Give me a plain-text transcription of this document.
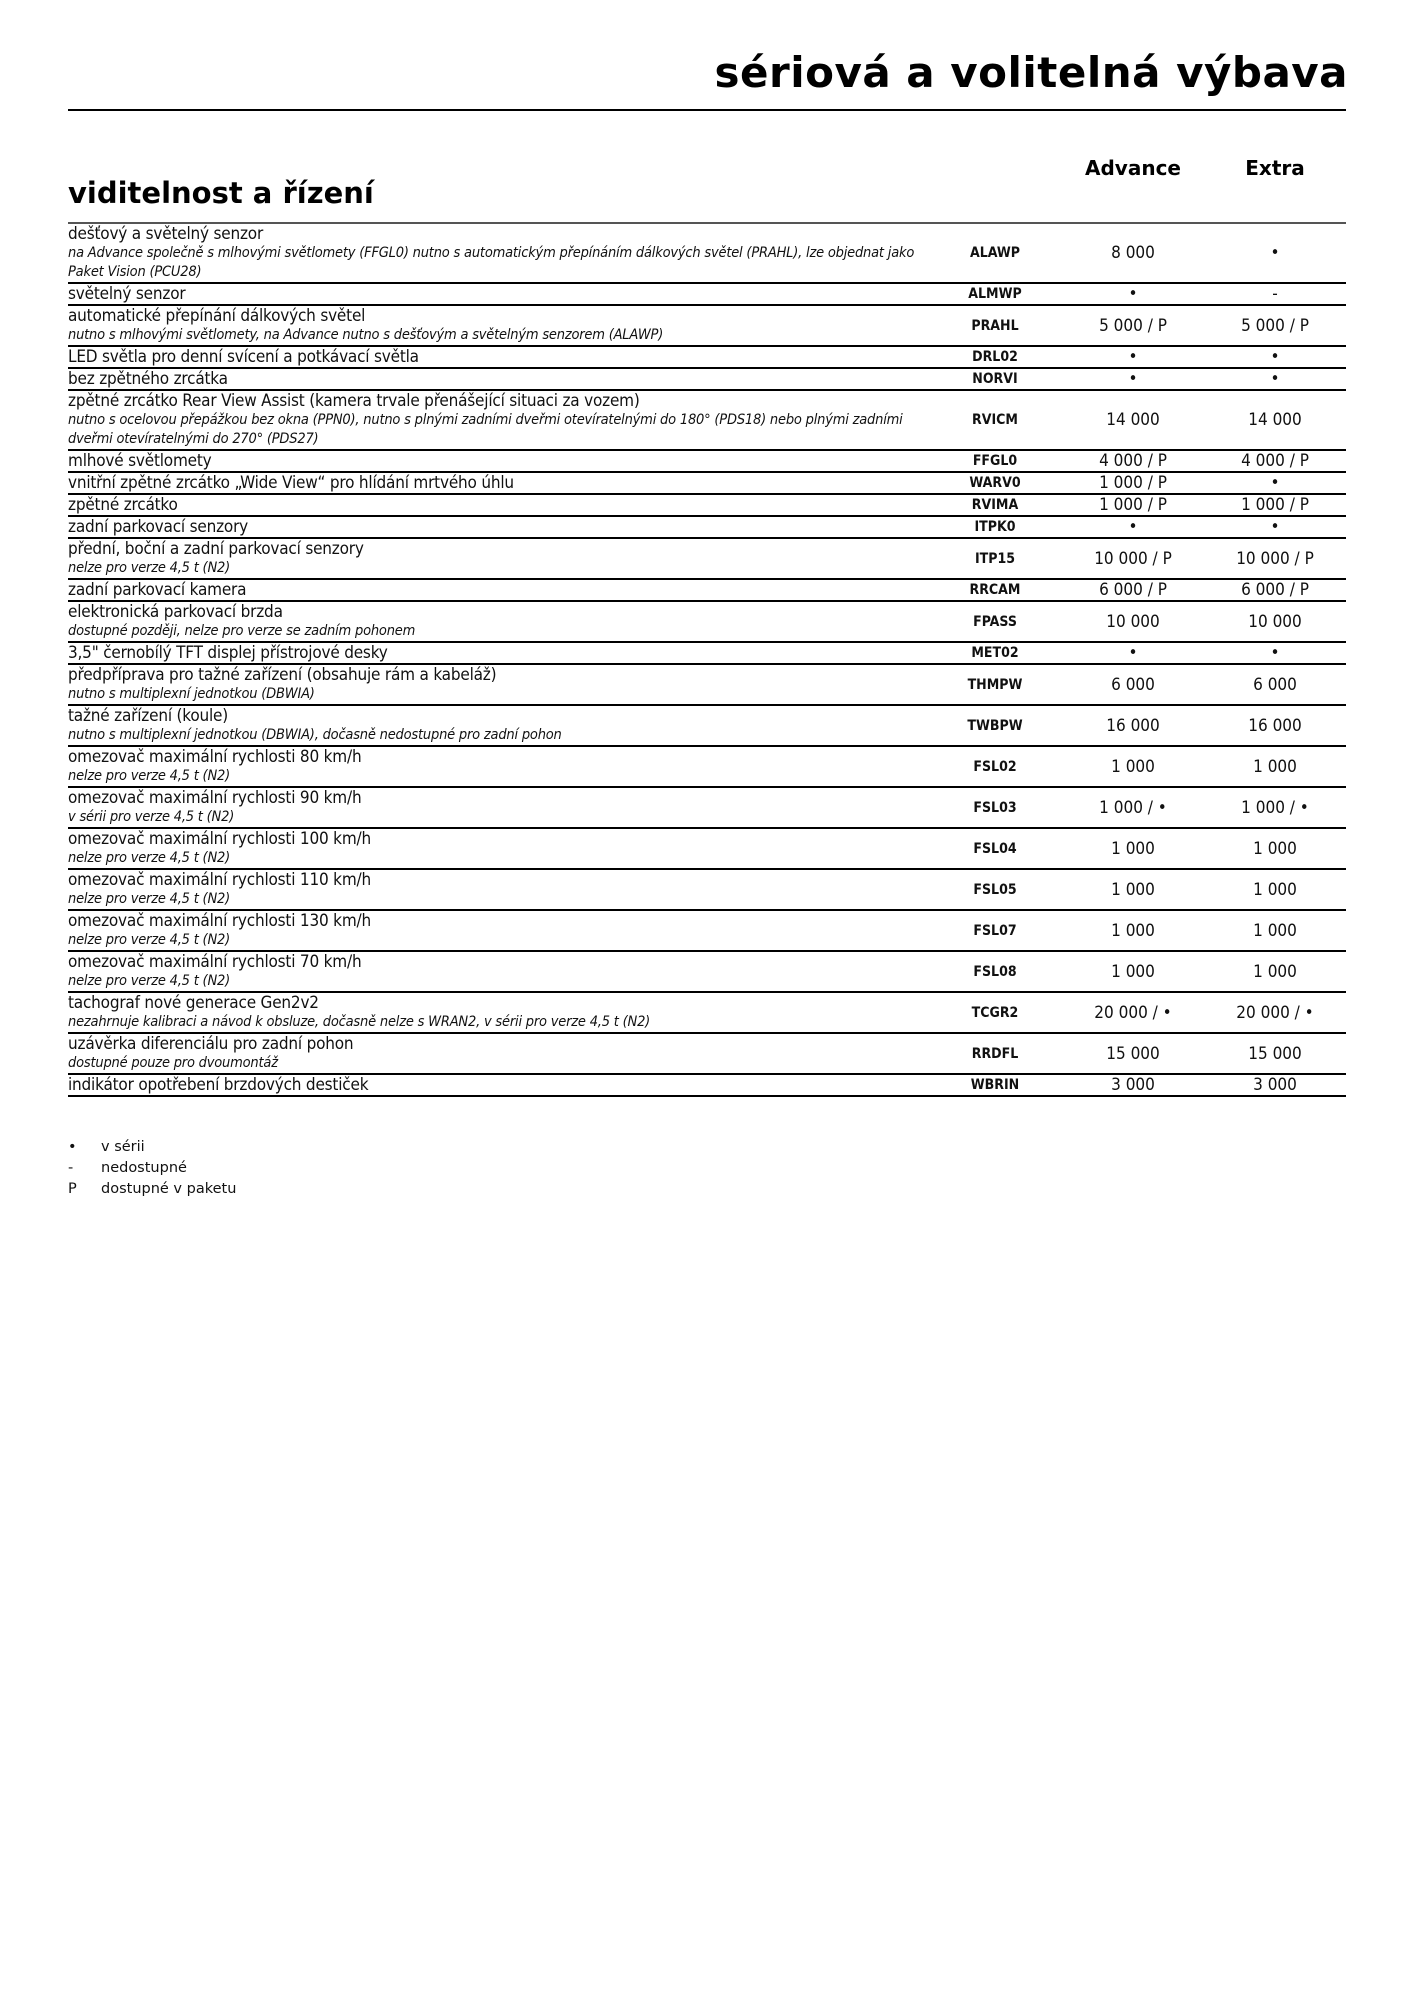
sériová a volitelná výbava
viditelnost a řízení
Advance	Extra
dešťový a světelný senzor
na Advance společně s mlhovými světlomety (FFGL0) nutno s automatickým přepínáním dálkových světel (PRAHL), lze objednat jako Paket Vision (PCU28)	ALAWP	8 000	•

světelný senzor	ALMWP	•	-

automatické přepínání dálkových světel
nutno s mlhovými světlomety, na Advance nutno s dešťovým a světelným senzorem (ALAWP)	PRAHL	5 000 / P	5 000 / P

LED světla pro denní svícení a potkávací světla	DRL02	•	•

bez zpětného zrcátka	NORVI	•	•

zpětné zrcátko Rear View Assist (kamera trvale přenášející situaci za vozem)
nutno s ocelovou přepážkou bez okna (PPN0), nutno s plnými zadními dveřmi otevíratelnými do 180° (PDS18) nebo plnými zadními dveřmi otevíratelnými do 270° (PDS27)	RVICM	14 000	14 000

mlhové světlomety	FFGL0	4 000 / P	4 000 / P

vnitřní zpětné zrcátko „Wide View“ pro hlídání mrtvého úhlu	WARV0	1 000 / P	•

zpětné zrcátko	RVIMA	1 000 / P	1 000 / P

zadní parkovací senzory	ITPK0	•	•

přední, boční a zadní parkovací senzory
nelze pro verze 4,5 t (N2)	ITP15	10 000 / P	10 000 / P

zadní parkovací kamera	RRCAM	6 000 / P	6 000 / P

elektronická parkovací brzda
dostupné později, nelze pro verze se zadním pohonem	FPASS	10 000	10 000

3,5" černobílý TFT displej přístrojové desky	MET02	•	•

předpříprava pro tažné zařízení (obsahuje rám a kabeláž)
nutno s multiplexní jednotkou (DBWIA)	THMPW	6 000	6 000

tažné zařízení (koule)
nutno s multiplexní jednotkou (DBWIA), dočasně nedostupné pro zadní pohon	TWBPW	16 000	16 000

omezovač maximální rychlosti 80 km/h
nelze pro verze 4,5 t (N2)	FSL02	1 000	1 000

omezovač maximální rychlosti 90 km/h
v sérii pro verze 4,5 t (N2)	FSL03	1 000 / •	1 000 / •

omezovač maximální rychlosti 100 km/h
nelze pro verze 4,5 t (N2)	FSL04	1 000	1 000

omezovač maximální rychlosti 110 km/h
nelze pro verze 4,5 t (N2)	FSL05	1 000	1 000

omezovač maximální rychlosti 130 km/h
nelze pro verze 4,5 t (N2)	FSL07	1 000	1 000

omezovač maximální rychlosti 70 km/h
nelze pro verze 4,5 t (N2)	FSL08	1 000	1 000

tachograf nové generace Gen2v2
nezahrnuje kalibraci a návod k obsluze, dočasně nelze s WRAN2, v sérii pro verze 4,5 t (N2)	TCGR2	20 000 / •	20 000 / •

uzávěrka diferenciálu pro zadní pohon
dostupné pouze pro dvoumontáž	RRDFL	15 000	15 000

indikátor opotřebení brzdových destiček	WBRIN	3 000	3 000
•	v sérii
-	nedostupné
P	dostupné v paketu
